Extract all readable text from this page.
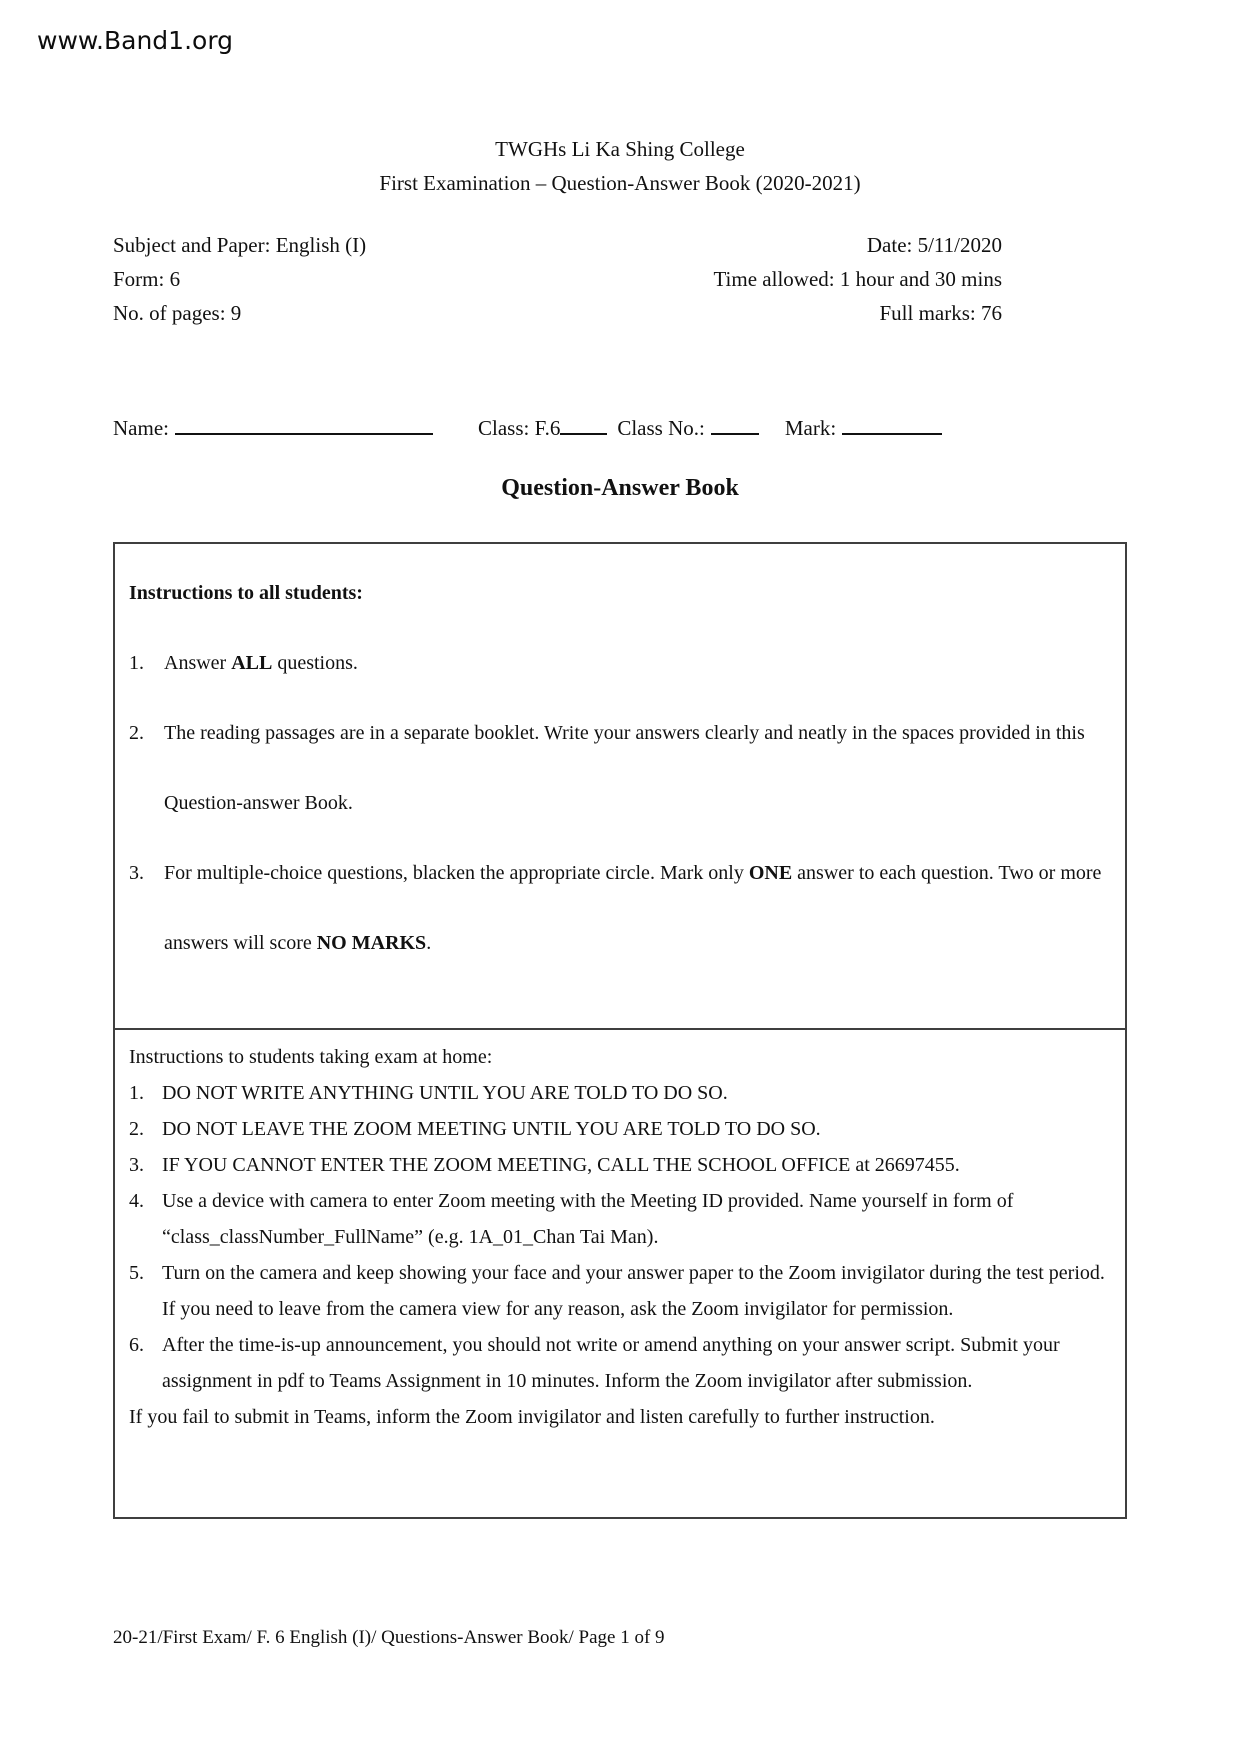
www.Band1.org
TWGHs Li Ka Shing College
First Examination – Question-Answer Book (2020-2021)
Subject and Paper: English (I)	Date: 5/11/2020
Form: 6	Time allowed: 1 hour and 30 mins
No. of pages: 9	Full marks: 76
Name:	Class: F.6	Class No.:	Mark:
Question-Answer Book
Instructions to all students:
1.	Answer ALL questions.
2.	The reading passages are in a separate booklet. Write your answers clearly and neatly in the spaces provided in this Question-answer Book.
3.	For multiple-choice questions, blacken the appropriate circle. Mark only ONE answer to each question. Two or more answers will score NO MARKS.
Instructions to students taking exam at home:
1. DO NOT WRITE ANYTHING UNTIL YOU ARE TOLD TO DO SO.
2. DO NOT LEAVE THE ZOOM MEETING UNTIL YOU ARE TOLD TO DO SO.
3. IF YOU CANNOT ENTER THE ZOOM MEETING, CALL THE SCHOOL OFFICE at 26697455.
4. Use a device with camera to enter Zoom meeting with the Meeting ID provided. Name yourself in form of “class_classNumber_FullName” (e.g. 1A_01_Chan Tai Man).
5. Turn on the camera and keep showing your face and your answer paper to the Zoom invigilator during the test period. If you need to leave from the camera view for any reason, ask the Zoom invigilator for permission.
6. After the time-is-up announcement, you should not write or amend anything on your answer script. Submit your assignment in pdf to Teams Assignment in 10 minutes. Inform the Zoom invigilator after submission.
If you fail to submit in Teams, inform the Zoom invigilator and listen carefully to further instruction.
20-21/First Exam/ F. 6 English (I)/ Questions-Answer Book/ Page 1 of 9
